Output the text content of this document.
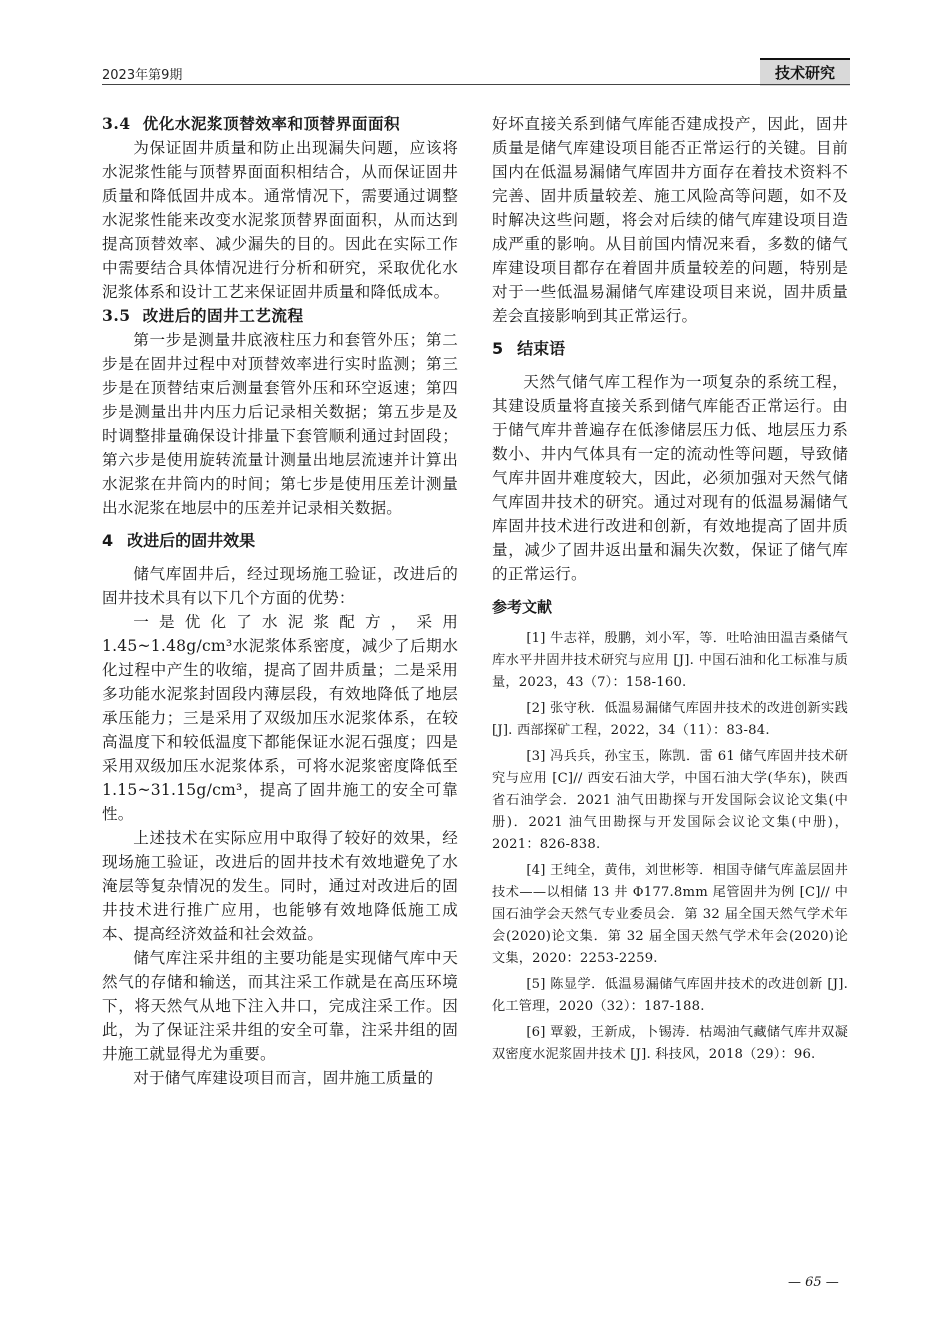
2023年第9期	技术研究
3.4 优化水泥浆顶替效率和顶替界面面积

为保证固井质量和防止出现漏失问题，应该将水泥浆性能与顶替界面面积相结合，从而保证固井质量和降低固井成本。通常情况下，需要通过调整水泥浆性能来改变水泥浆顶替界面面积，从而达到提高顶替效率、减少漏失的目的。因此在实际工作中需要结合具体情况进行分析和研究，采取优化水泥浆体系和设计工艺来保证固井质量和降低成本。

3.5 改进后的固井工艺流程

第一步是测量井底液柱压力和套管外压；第二步是在固井过程中对顶替效率进行实时监测；第三步是在顶替结束后测量套管外压和环空返速；第四步是测量出井内压力后记录相关数据；第五步是及时调整排量确保设计排量下套管顺利通过封固段；第六步是使用旋转流量计测量出地层流速并计算出水泥浆在井筒内的时间；第七步是使用压差计测量出水泥浆在地层中的压差并记录相关数据。

4 改进后的固井效果

储气库固井后，经过现场施工验证，改进后的固井技术具有以下几个方面的优势：

一是优化了水泥浆配方，采用1.45~1.48g/cm³水泥浆体系密度，减少了后期水化过程中产生的收缩，提高了固井质量；二是采用多功能水泥浆封固段内薄层段，有效地降低了地层承压能力；三是采用了双级加压水泥浆体系，在较高温度下和较低温度下都能保证水泥石强度；四是采用双级加压水泥浆体系，可将水泥浆密度降低至1.15~31.15g/cm³，提高了固井施工的安全可靠性。

上述技术在实际应用中取得了较好的效果，经现场施工验证，改进后的固井技术有效地避免了水淹层等复杂情况的发生。同时，通过对改进后的固井技术进行推广应用，也能够有效地降低施工成本、提高经济效益和社会效益。

储气库注采井组的主要功能是实现储气库中天然气的存储和输送，而其注采工作就是在高压环境下，将天然气从地下注入井口，完成注采工作。因此，为了保证注采井组的安全可靠，注采井组的固井施工就显得尤为重要。

对于储气库建设项目而言，固井施工质量的

好坏直接关系到储气库能否建成投产，因此，固井质量是储气库建设项目能否正常运行的关键。目前国内在低温易漏储气库固井方面存在着技术资料不完善、固井质量较差、施工风险高等问题，如不及时解决这些问题，将会对后续的储气库建设项目造成严重的影响。从目前国内情况来看，多数的储气库建设项目都存在着固井质量较差的问题，特别是对于一些低温易漏储气库建设项目来说，固井质量差会直接影响到其正常运行。

5 结束语

天然气储气库工程作为一项复杂的系统工程，其建设质量将直接关系到储气库能否正常运行。由于储气库井普遍存在低渗储层压力低、地层压力系数小、井内气体具有一定的流动性等问题，导致储气库井固井难度较大，因此，必须加强对天然气储气库固井技术的研究。通过对现有的低温易漏储气库固井技术进行改进和创新，有效地提高了固井质量，减少了固井返出量和漏失次数，保证了储气库的正常运行。

参考文献

[1] 牛志祥，殷鹏，刘小军，等．吐哈油田温吉桑储气库水平井固井技术研究与应用 [J]. 中国石油和化工标准与质量，2023，43（7）：158-160.

[2] 张守秋．低温易漏储气库固井技术的改进创新实践 [J]. 西部探矿工程，2022，34（11）：83-84.

[3] 冯兵兵，孙宝玉，陈凯．雷 61 储气库固井技术研究与应用 [C]// 西安石油大学，中国石油大学(华东)，陕西省石油学会．2021 油气田勘探与开发国际会议论文集(中册)．2021 油气田勘探与开发国际会议论文集(中册)，2021：826-838.

[4] 王纯全，黄伟，刘世彬等．相国寺储气库盖层固井技术——以相储 13 井 Φ177.8mm 尾管固井为例 [C]// 中国石油学会天然气专业委员会．第 32 届全国天然气学术年会(2020)论文集．第 32 届全国天然气学术年会(2020)论文集，2020：2253-2259.

[5] 陈显学．低温易漏储气库固井技术的改进创新 [J]. 化工管理，2020（32）：187-188.

[6] 覃毅，王新成，卜锡涛．枯竭油气藏储气库井双凝双密度水泥浆固井技术 [J]. 科技风，2018（29）：96.

— 65 —
